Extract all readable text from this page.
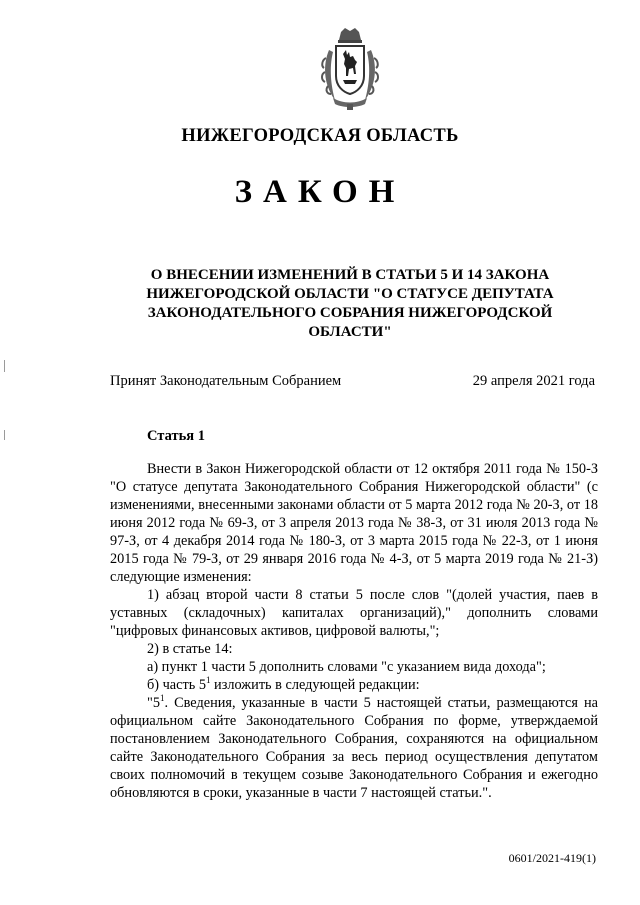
НИЖЕГОРОДСКАЯ ОБЛАСТЬ
ЗАКОН
О ВНЕСЕНИИ ИЗМЕНЕНИЙ В СТАТЬИ 5 И 14 ЗАКОНА НИЖЕГОРОДСКОЙ ОБЛАСТИ "О СТАТУСЕ ДЕПУТАТА ЗАКОНОДАТЕЛЬНОГО СОБРАНИЯ НИЖЕГОРОДСКОЙ ОБЛАСТИ"
Принят Законодательным Собранием	29 апреля 2021 года
Статья 1

Внести в Закон Нижегородской области от 12 октября 2011 года № 150-З "О статусе депутата Законодательного Собрания Нижегородской области" (с изменениями, внесенными законами области от 5 марта 2012 года № 20-З, от 18 июня 2012 года № 69-З, от 3 апреля 2013 года № 38-З, от 31 июля 2013 года № 97-З, от 4 декабря 2014 года № 180-З, от 3 марта 2015 года № 22-З, от 1 июня 2015 года № 79-З, от 29 января 2016 года № 4-З, от 5 марта 2019 года № 21-З) следующие изменения:

1) абзац второй части 8 статьи 5 после слов "(долей участия, паев в уставных (складочных) капиталах организаций)," дополнить словами "цифровых финансовых активов, цифровой валюты,";

2) в статье 14:

а) пункт 1 части 5 дополнить словами "с указанием вида дохода";

б) часть $5^1$ изложить в следующей редакции:

"$5^1$. Сведения, указанные в части 5 настоящей статьи, размещаются на официальном сайте Законодательного Собрания по форме, утверждаемой постановлением Законодательного Собрания, сохраняются на официальном сайте Законодательного Собрания за весь период осуществления депутатом своих полномочий в текущем созыве Законодательного Собрания и ежегодно обновляются в сроки, указанные в части 7 настоящей статьи.".

0601/2021-419(1)
